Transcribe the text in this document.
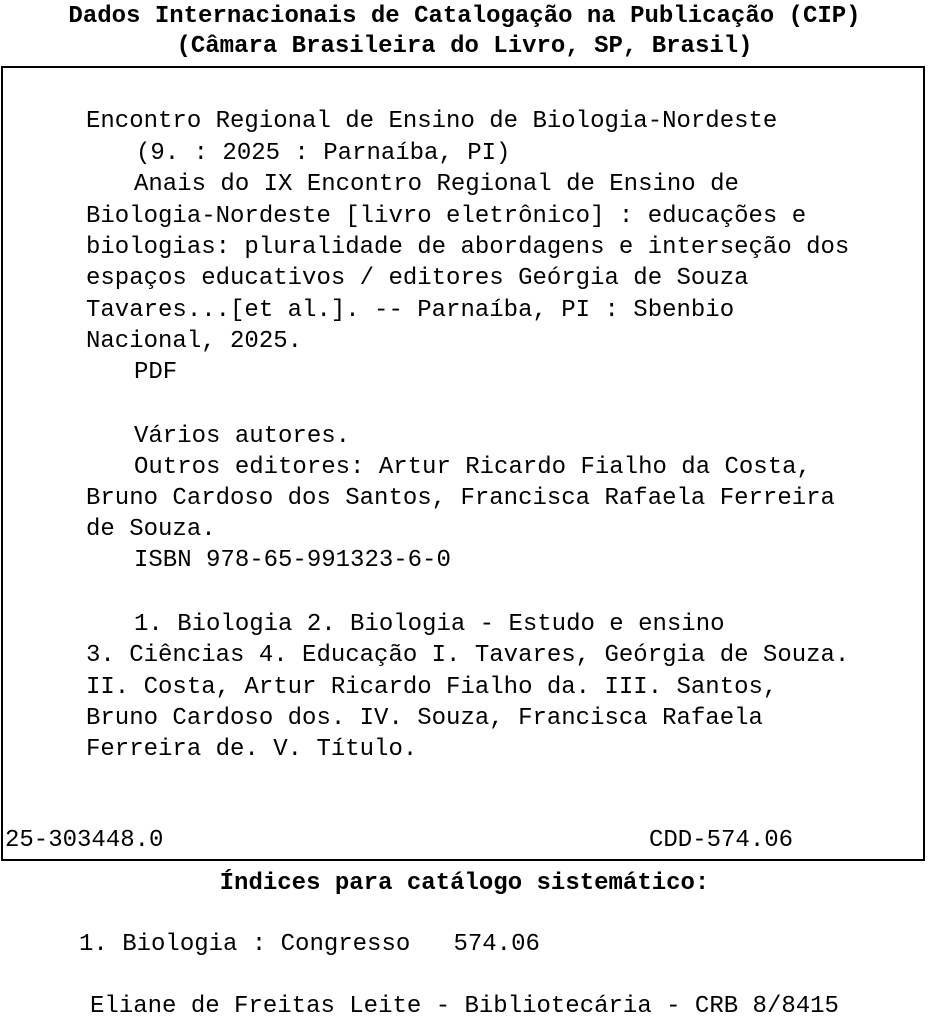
Dados Internacionais de Catalogação na Publicação (CIP)
(Câmara Brasileira do Livro, SP, Brasil)
Encontro Regional de Ensino de Biologia-Nordeste
(9. : 2025 : Parnaíba, PI)
Anais do IX Encontro Regional de Ensino de
Biologia-Nordeste [livro eletrônico] : educações e
biologias: pluralidade de abordagens e interseção dos
espaços educativos / editores Geórgia de Souza
Tavares...[et al.]. -- Parnaíba, PI : Sbenbio
Nacional, 2025.
PDF
Vários autores.
Outros editores: Artur Ricardo Fialho da Costa,
Bruno Cardoso dos Santos, Francisca Rafaela Ferreira
de Souza.
ISBN 978-65-991323-6-0
1. Biologia 2. Biologia - Estudo e ensino
3. Ciências 4. Educação I. Tavares, Geórgia de Souza.
II. Costa, Artur Ricardo Fialho da. III. Santos,
Bruno Cardoso dos. IV. Souza, Francisca Rafaela
Ferreira de. V. Título.
25-303448.0	CDD-574.06
Índices para catálogo sistemático:
1. Biologia : Congresso   574.06
Eliane de Freitas Leite - Bibliotecária - CRB 8/8415
